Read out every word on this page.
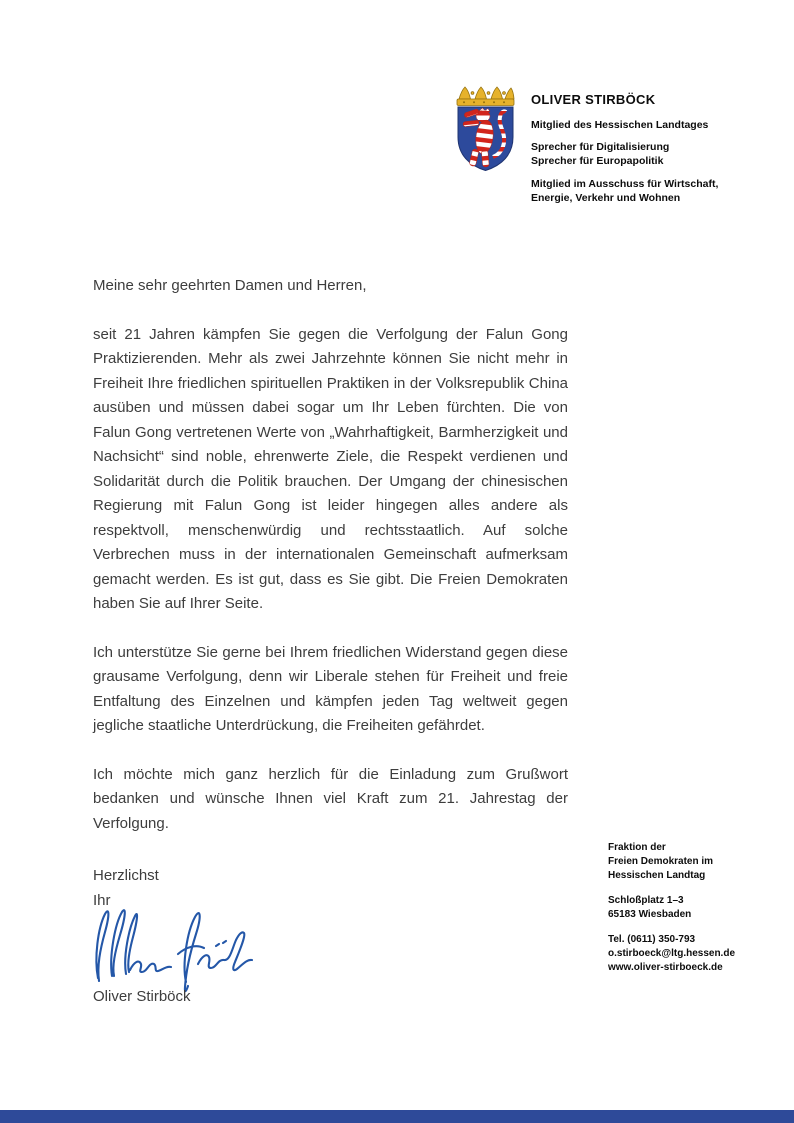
OLIVER STIRBÖCK
Mitglied des Hessischen Landtages
Sprecher für Digitalisierung
Sprecher für Europapolitik
Mitglied im Ausschuss für Wirtschaft,
Energie, Verkehr und Wohnen

Meine sehr geehrten Damen und Herren,

seit 21 Jahren kämpfen Sie gegen die Verfolgung der Falun Gong Praktizierenden. Mehr als zwei Jahrzehnte können Sie nicht mehr in Freiheit Ihre friedlichen spirituellen Praktiken in der Volksrepublik China ausüben und müssen dabei sogar um Ihr Leben fürchten. Die von Falun Gong vertretenen Werte von „Wahrhaftigkeit, Barmherzigkeit und Nachsicht“ sind noble, ehrenwerte Ziele, die Respekt verdienen und Solidarität durch die Politik brauchen. Der Umgang der chinesischen Regierung mit Falun Gong ist leider hingegen alles andere als respektvoll, menschenwürdig und rechtsstaatlich. Auf solche Verbrechen muss in der internationalen Gemeinschaft aufmerksam gemacht werden. Es ist gut, dass es Sie gibt. Die Freien Demokraten haben Sie auf Ihrer Seite.

Ich unterstütze Sie gerne bei Ihrem friedlichen Widerstand gegen diese grausame Verfolgung, denn wir Liberale stehen für Freiheit und freie Entfaltung des Einzelnen und kämpfen jeden Tag weltweit gegen jegliche staatliche Unterdrückung, die Freiheiten gefährdet.

Ich möchte mich ganz herzlich für die Einladung zum Grußwort bedanken und wünsche Ihnen viel Kraft zum 21. Jahrestag der Verfolgung.

Herzlichst
Ihr
Oliver Stirböck
Fraktion der
Freien Demokraten im
Hessischen Landtag
Schloßplatz 1–3
65183 Wiesbaden
Tel. (0611) 350-793
o.stirboeck@ltg.hessen.de
www.oliver-stirboeck.de
